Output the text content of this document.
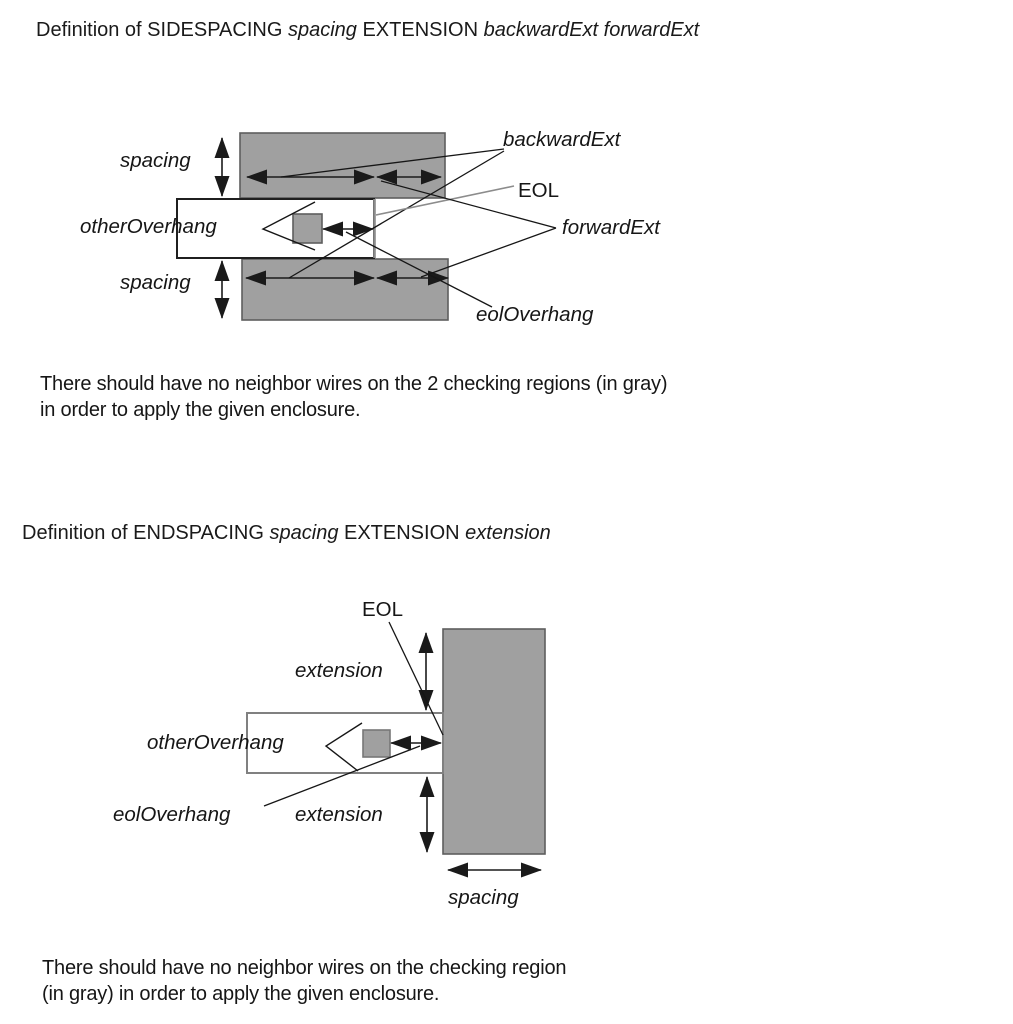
Definition of SIDESPACING spacing EXTENSION backwardExt forwardExt
spacing
otherOverhang
spacing
backwardExt
EOL
forwardExt
eolOverhang
There should have no neighbor wires on the 2 checking regions (in gray)
in order to apply the given enclosure.
Definition of ENDSPACING spacing EXTENSION extension
EOL
extension
otherOverhang
eolOverhang	extension
spacing
There should have no neighbor wires on the checking region
(in gray) in order to apply the given enclosure.
